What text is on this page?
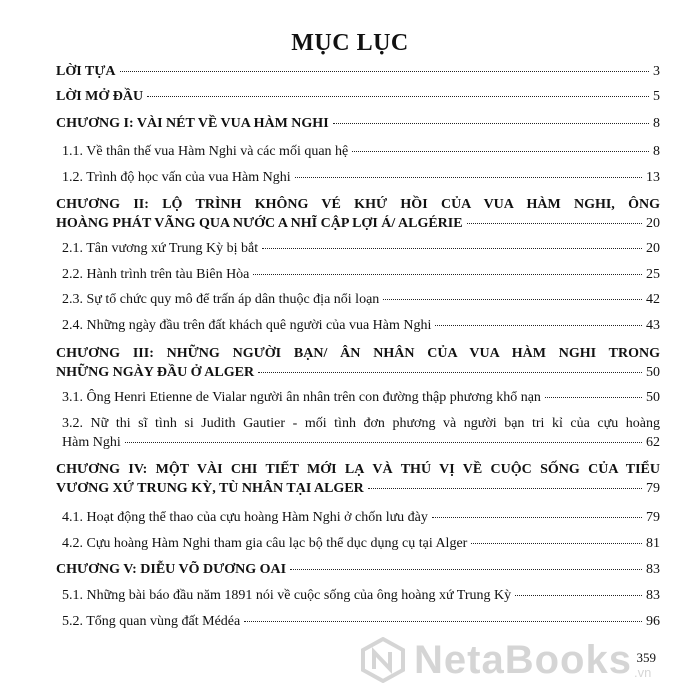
MỤC LỤC
LỜI TỰA	3
LỜI MỞ ĐẦU	5
CHƯƠNG I: VÀI NÉT VỀ VUA HÀM NGHI	8
1.1. Về thân thế vua Hàm Nghi và các mối quan hệ	8
1.2. Trình độ học vấn của vua Hàm Nghi	13
CHƯƠNG II: LỘ TRÌNH KHÔNG VÉ KHỨ HỒI CỦA VUA HÀM NGHI, ÔNG
HOÀNG PHÁT VÃNG QUA NƯỚC A NHĨ CẬP LỢI Á/ ALGÉRIE	20
2.1. Tân vương xứ Trung Kỳ bị bắt	20
2.2. Hành trình trên tàu Biên Hòa	25
2.3. Sự tổ chức quy mô để trấn áp dân thuộc địa nổi loạn	42
2.4. Những ngày đầu trên đất khách quê người của vua Hàm Nghi	43
CHƯƠNG III: NHỮNG NGƯỜI BẠN/ ÂN NHÂN CỦA VUA HÀM NGHI TRONG
NHỮNG NGÀY ĐẦU Ở ALGER	50
3.1. Ông Henri Etienne de Vialar người ân nhân trên con đường thập phương khổ nạn	50
3.2. Nữ thi sĩ tình si Judith Gautier - mối tình đơn phương và người bạn tri kỉ của cựu hoàng
Hàm Nghi	62
CHƯƠNG IV: MỘT VÀI CHI TIẾT MỚI LẠ VÀ THÚ VỊ VỀ CUỘC SỐNG CỦA TIỂU
VƯƠNG XỨ TRUNG KỲ, TÙ NHÂN TẠI ALGER	79
4.1. Hoạt động thể thao của cựu hoàng Hàm Nghi ở chốn lưu đày	79
4.2. Cựu hoàng Hàm Nghi tham gia câu lạc bộ thể dục dụng cụ tại Alger	81
CHƯƠNG V: DIỄU VÕ DƯƠNG OAI	83
5.1. Những bài báo đầu năm 1891 nói về cuộc sống của ông hoàng xứ Trung Kỳ	83
5.2. Tổng quan vùng đất Médéa	96
359
NetaBooks .vn
